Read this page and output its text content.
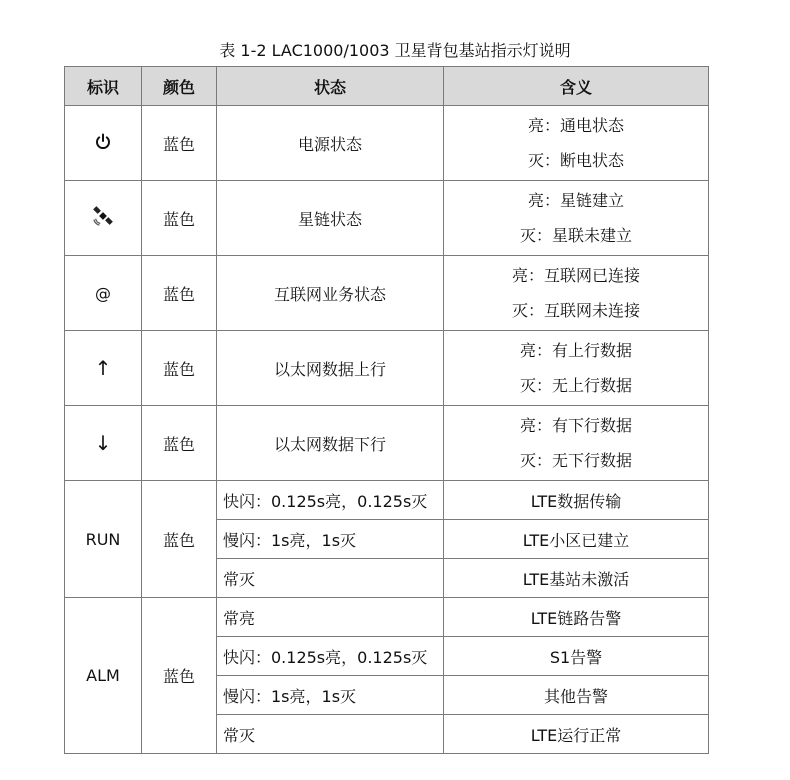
表 1-2 LAC1000/1003 卫星背包基站指示灯说明
标识	颜色	状态	含义

	蓝色	电源状态	亮：通电状态
灭：断电状态

	蓝色	星链状态	亮：星链建立
灭：星联未建立

@	蓝色	互联网业务状态	亮：互联网已连接
灭：互联网未连接

↑	蓝色	以太网数据上行	亮：有上行数据
灭：无上行数据

↓	蓝色	以太网数据下行	亮：有下行数据
灭：无下行数据

RUN	蓝色	快闪：0.125s亮，0.125s灭	LTE数据传输
		慢闪：1s亮，1s灭	LTE小区已建立
		常灭	LTE基站未激活
ALM	蓝色	常亮	LTE链路告警
		快闪：0.125s亮，0.125s灭	S1告警
		慢闪：1s亮，1s灭	其他告警
		常灭	LTE运行正常
